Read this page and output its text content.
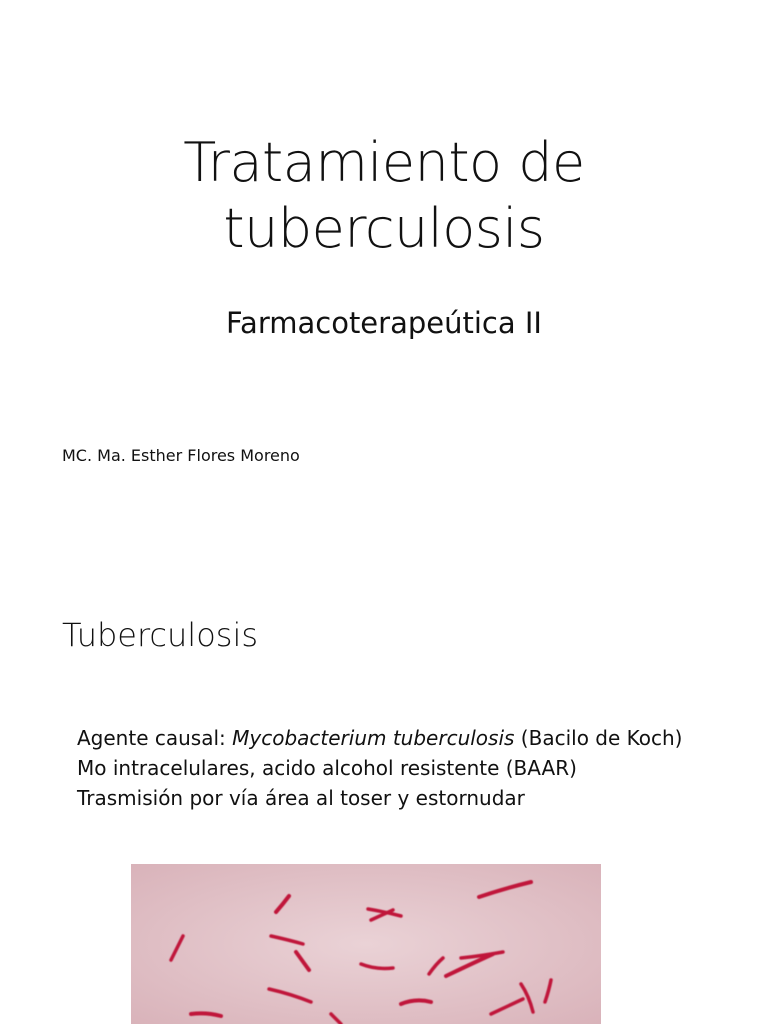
Tratamiento de
tuberculosis
Farmacoterapeútica II
MC. Ma. Esther Flores Moreno
Tuberculosis
Agente causal: Mycobacterium tuberculosis (Bacilo de Koch)
Mo intracelulares, acido alcohol resistente (BAAR)
Trasmisión por vía área al toser y estornudar
